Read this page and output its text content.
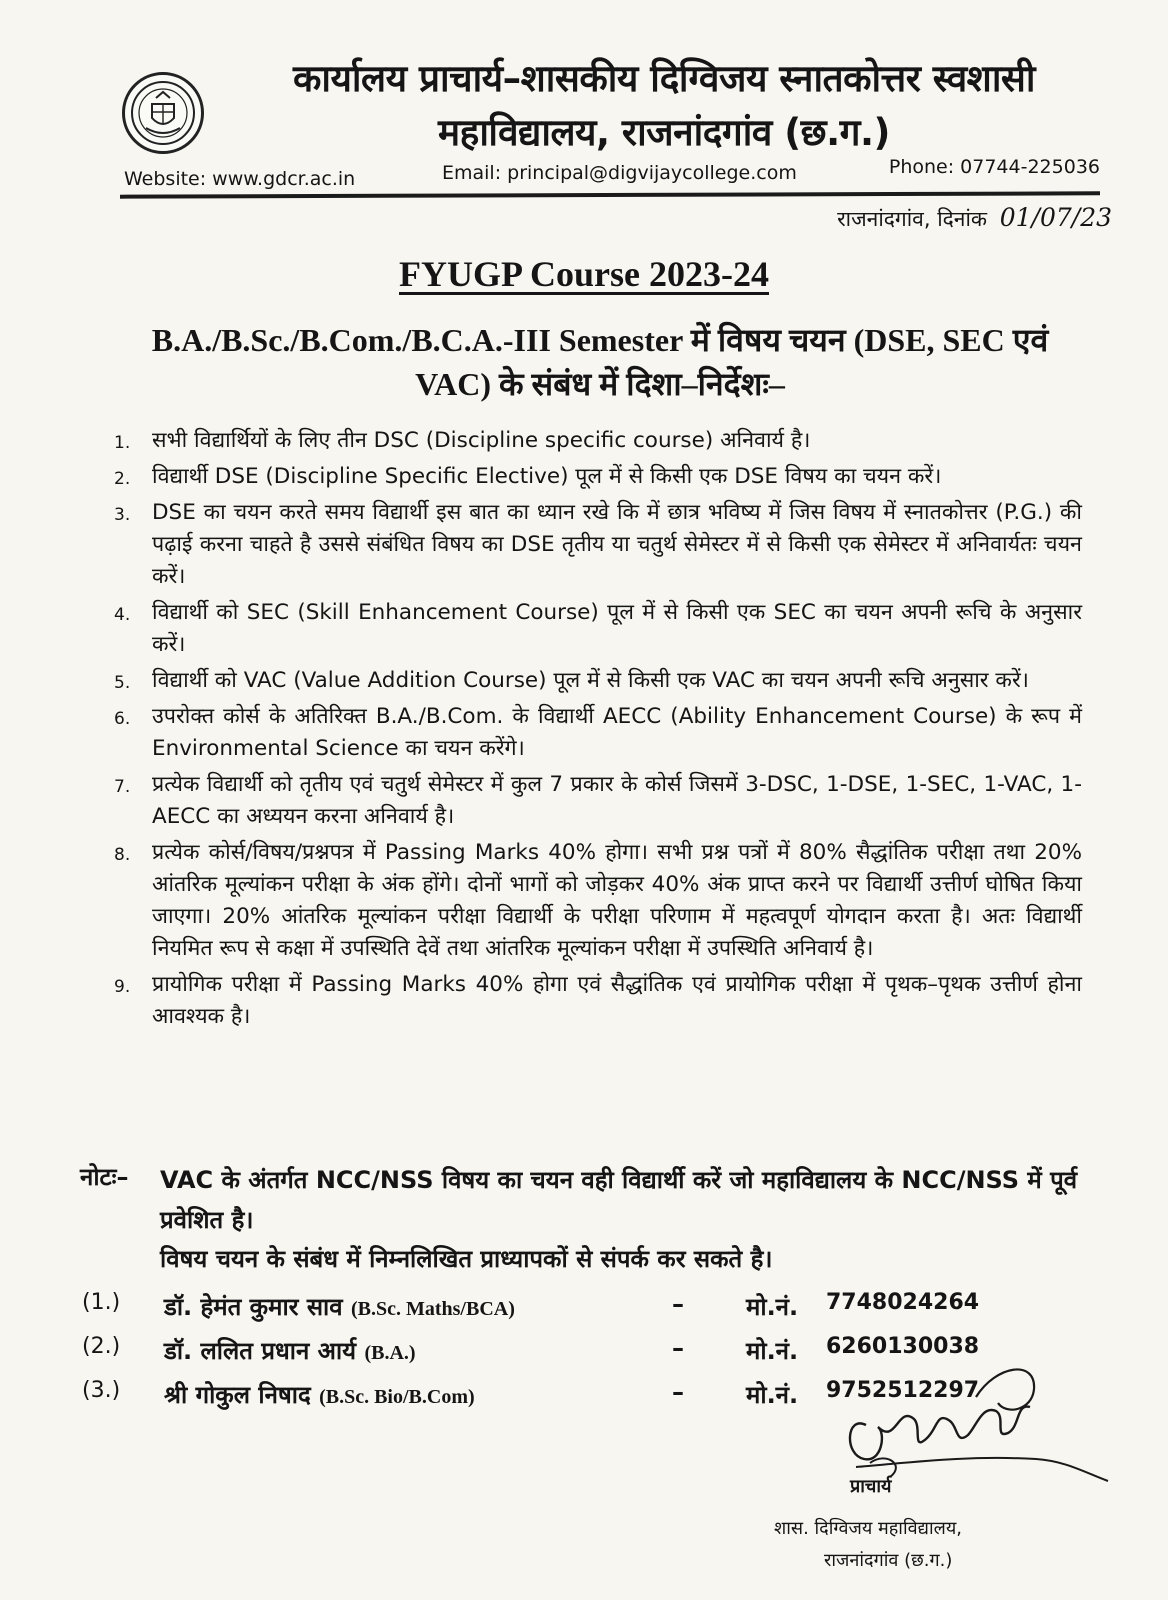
कार्यालय प्राचार्य–शासकीय दिग्विजय स्नातकोत्तर स्वशासी
महाविद्यालय, राजनांदगांव (छ.ग.)
Website: www.gdcr.ac.in	Email: principal@digvijaycollege.com	Phone: 07744-225036
राजनांदगांव, दिनांक 01/07/23
FYUGP Course 2023-24
B.A./B.Sc./B.Com./B.C.A.-III Semester में विषय चयन (DSE, SEC एवं VAC) के संबंध में दिशा–निर्देशः–
1. सभी विद्यार्थियों के लिए तीन DSC (Discipline specific course) अनिवार्य है।
2. विद्यार्थी DSE (Discipline Specific Elective) पूल में से किसी एक DSE विषय का चयन करें।
3. DSE का चयन करते समय विद्यार्थी इस बात का ध्यान रखे कि में छात्र भविष्य में जिस विषय में स्नातकोत्तर (P.G.) की पढ़ाई करना चाहते है उससे संबंधित विषय का DSE तृतीय या चतुर्थ सेमेस्टर में से किसी एक सेमेस्टर में अनिवार्यतः चयन करें।
4. विद्यार्थी को SEC (Skill Enhancement Course) पूल में से किसी एक SEC का चयन अपनी रूचि के अनुसार करें।
5. विद्यार्थी को VAC (Value Addition Course) पूल में से किसी एक VAC का चयन अपनी रूचि अनुसार करें।
6. उपरोक्त कोर्स के अतिरिक्त B.A./B.Com. के विद्यार्थी AECC (Ability Enhancement Course) के रूप में Environmental Science का चयन करेंगे।
7. प्रत्येक विद्यार्थी को तृतीय एवं चतुर्थ सेमेस्टर में कुल 7 प्रकार के कोर्स जिसमें 3-DSC, 1-DSE, 1-SEC, 1-VAC, 1-AECC का अध्ययन करना अनिवार्य है।
8. प्रत्येक कोर्स/विषय/प्रश्नपत्र में Passing Marks 40% होगा। सभी प्रश्न पत्रों में 80% सैद्धांतिक परीक्षा तथा 20% आंतरिक मूल्यांकन परीक्षा के अंक होंगे। दोनों भागों को जोड़कर 40% अंक प्राप्त करने पर विद्यार्थी उत्तीर्ण घोषित किया जाएगा। 20% आंतरिक मूल्यांकन परीक्षा विद्यार्थी के परीक्षा परिणाम में महत्वपूर्ण योगदान करता है। अतः विद्यार्थी नियमित रूप से कक्षा में उपस्थिति देवें तथा आंतरिक मूल्यांकन परीक्षा में उपस्थिति अनिवार्य है।
9. प्रायोगिक परीक्षा में Passing Marks 40% होगा एवं सैद्धांतिक एवं प्रायोगिक परीक्षा में पृथक–पृथक उत्तीर्ण होना आवश्यक है।
नोटः– VAC के अंतर्गत NCC/NSS विषय का चयन वही विद्यार्थी करें जो महाविद्यालय के NCC/NSS में पूर्व प्रवेशित है।
विषय चयन के संबंध में निम्नलिखित प्राध्यापकों से संपर्क कर सकते है।
(1.) डॉ. हेमंत कुमार साव (B.Sc. Maths/BCA)	–	मो.नं. 7748024264
(2.) डॉ. ललित प्रधान आर्य (B.A.)	–	मो.नं. 6260130038
(3.) श्री गोकुल निषाद (B.Sc. Bio/B.Com)	–	मो.नं. 9752512297
प्राचार्य
शास. दिग्विजय महाविद्यालय,
राजनांदगांव (छ.ग.)
